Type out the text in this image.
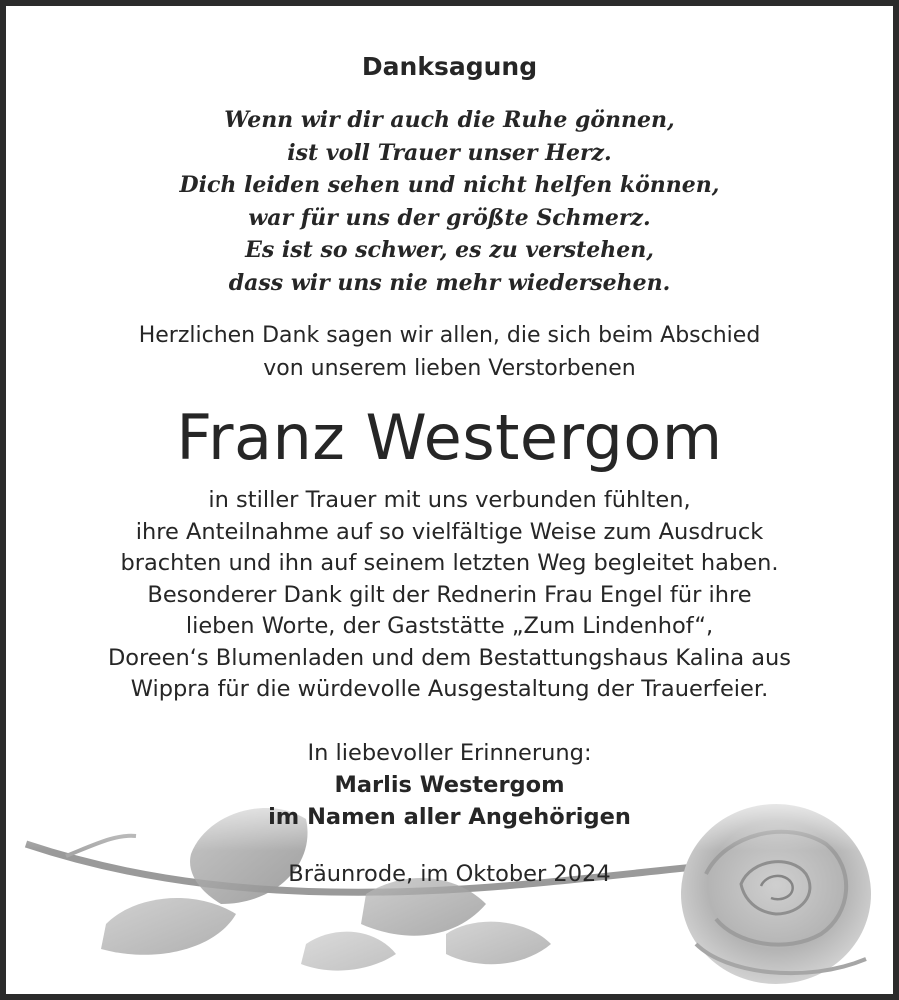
Danksagung
Wenn wir dir auch die Ruhe gönnen,
ist voll Trauer unser Herz.
Dich leiden sehen und nicht helfen können,
war für uns der größte Schmerz.
Es ist so schwer, es zu verstehen,
dass wir uns nie mehr wiedersehen.
Herzlichen Dank sagen wir allen, die sich beim Abschied
von unserem lieben Verstorbenen
Franz Westergom
in stiller Trauer mit uns verbunden fühlten,
ihre Anteilnahme auf so vielfältige Weise zum Ausdruck
brachten und ihn auf seinem letzten Weg begleitet haben.
Besonderer Dank gilt der Rednerin Frau Engel für ihre
lieben Worte, der Gaststätte „Zum Lindenhof“,
Doreen‘s Blumenladen und dem Bestattungshaus Kalina aus
Wippra für die würdevolle Ausgestaltung der Trauerfeier.
In liebevoller Erinnerung:
Marlis Westergom
im Namen aller Angehörigen
Bräunrode, im Oktober 2024
